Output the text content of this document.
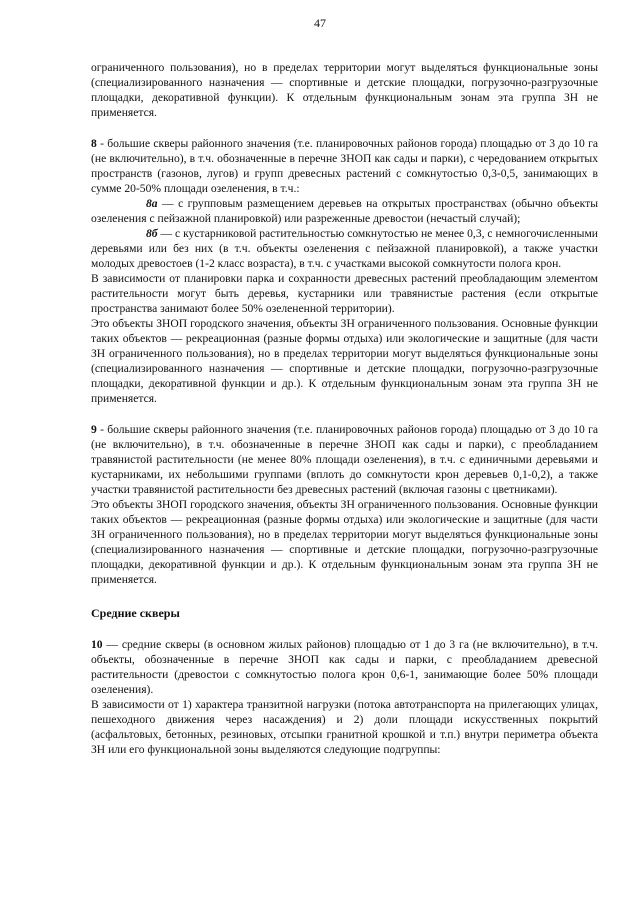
47

ограниченного пользования), но в пределах территории могут выделяться функциональные зоны (специализированного назначения — спортивные и детские площадки, погрузочно-разгрузочные площадки, декоративной функции). К отдельным функциональным зонам эта группа ЗН не применяется.

8 - большие скверы районного значения (т.е. планировочных районов города) площадью от 3 до 10 га (не включительно), в т.ч. обозначенные в перечне ЗНОП как сады и парки), с чередованием открытых пространств (газонов, лугов) и групп древесных растений с сомкнутостью 0,3-0,5, занимающих в сумме 20-50% площади озеленения, в т.ч.:

8а — с групповым размещением деревьев на открытых пространствах (обычно объекты озеленения с пейзажной планировкой) или разреженные древостои (нечастый случай);

8б — с кустарниковой растительностью сомкнутостью не менее 0,3, с немногочисленными деревьями или без них (в т.ч. объекты озеленения с пейзажной планировкой), а также участки молодых древостоев (1-2 класс возраста), в т.ч. с участками высокой сомкнутости полога крон.

В зависимости от планировки парка и сохранности древесных растений преобладающим элементом растительности могут быть деревья, кустарники или травянистые растения (если открытые пространства занимают более 50% озелененной территории).

Это объекты ЗНОП городского значения, объекты ЗН ограниченного пользования. Основные функции таких объектов — рекреационная (разные формы отдыха) или экологические и защитные (для части ЗН ограниченного пользования), но в пределах территории могут выделяться функциональные зоны (специализированного назначения — спортивные и детские площадки, погрузочно-разгрузочные площадки, декоративной функции и др.). К отдельным функциональным зонам эта группа ЗН не применяется.

9 - большие скверы районного значения (т.е. планировочных районов города) площадью от 3 до 10 га (не включительно), в т.ч. обозначенные в перечне ЗНОП как сады и парки), с преобладанием травянистой растительности (не менее 80% площади озеленения), в т.ч. с единичными деревьями и кустарниками, их небольшими группами (вплоть до сомкнутости крон деревьев 0,1-0,2), а также участки травянистой растительности без древесных растений (включая газоны с цветниками).

Это объекты ЗНОП городского значения, объекты ЗН ограниченного пользования. Основные функции таких объектов — рекреационная (разные формы отдыха) или экологические и защитные (для части ЗН ограниченного пользования), но в пределах территории могут выделяться функциональные зоны (специализированного назначения — спортивные и детские площадки, погрузочно-разгрузочные площадки, декоративной функции и др.). К отдельным функциональным зонам эта группа ЗН не применяется.

Средние скверы

10 — средние скверы (в основном жилых районов) площадью от 1 до 3 га (не включительно), в т.ч. объекты, обозначенные в перечне ЗНОП как сады и парки, с преобладанием древесной растительности (древостои с сомкнутостью полога крон 0,6-1, занимающие более 50% площади озеленения).

В зависимости от 1) характера транзитной нагрузки (потока автотранспорта на прилегающих улицах, пешеходного движения через насаждения) и 2) доли площади искусственных покрытий (асфальтовых, бетонных, резиновых, отсыпки гранитной крошкой и т.п.) внутри периметра объекта ЗН или его функциональной зоны выделяются следующие подгруппы:
